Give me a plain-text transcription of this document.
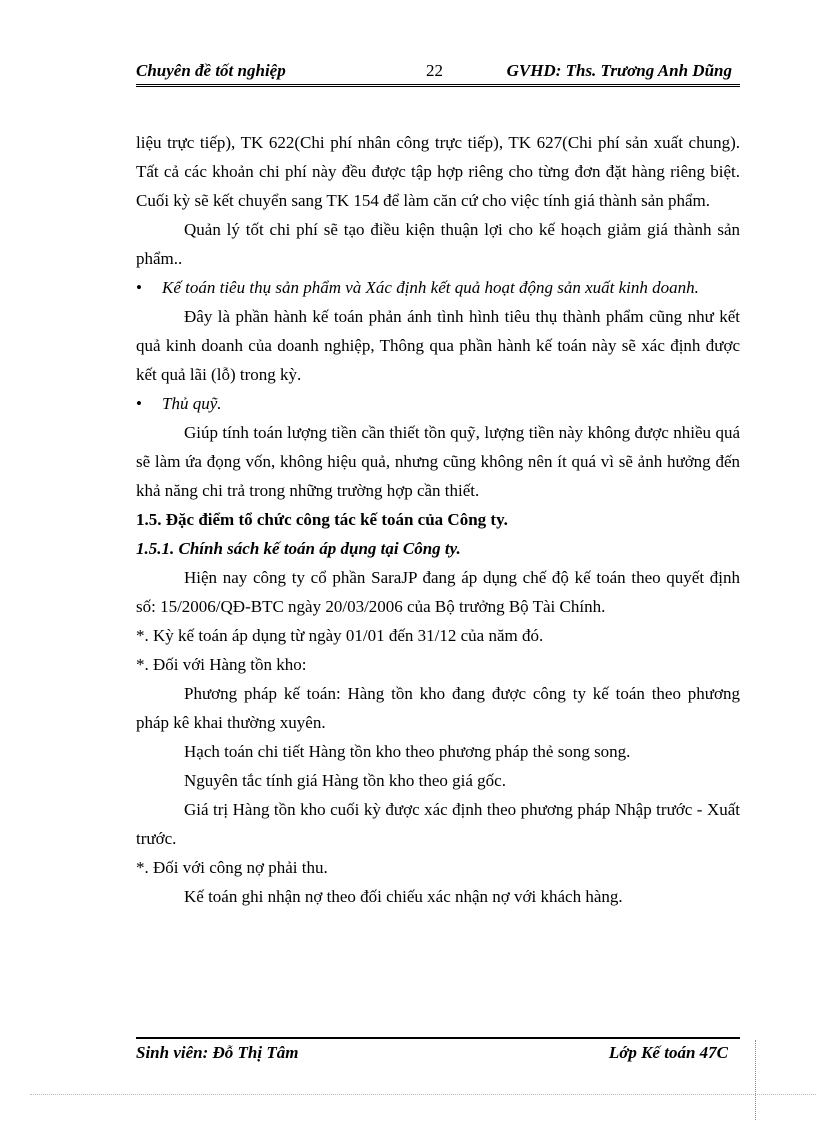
Chuyên đề tốt nghiệp	22	GVHD: Ths. Trương Anh Dũng

liệu trực tiếp), TK 622(Chi phí nhân công trực tiếp), TK 627(Chi phí sản xuất chung). Tất cả các khoản chi phí này đều được tập hợp riêng cho từng đơn đặt hàng riêng biệt. Cuối kỳ sẽ kết chuyển sang TK 154 để làm căn cứ cho việc tính giá thành sản phẩm.

Quản lý tốt chi phí sẽ tạo điều kiện thuận lợi cho kế hoạch giảm giá thành sản phẩm..

• Kế toán tiêu thụ sản phẩm và Xác định kết quả hoạt động sản xuất kinh doanh.

Đây là phần hành kế toán phản ánh tình hình tiêu thụ thành phẩm cũng như kết quả kinh doanh của doanh nghiệp, Thông qua phần hành kế toán này sẽ xác định được kết quả lãi (lỗ) trong kỳ.

• Thủ quỹ.

Giúp tính toán lượng tiền cần thiết tồn quỹ, lượng tiền này không được nhiều quá sẽ làm ứa đọng vốn, không hiệu quả, nhưng cũng không nên ít quá vì sẽ ảnh hưởng đến khả năng chi trả trong những trường hợp cần thiết.

1.5. Đặc điểm tổ chức công tác kế toán của Công ty.

1.5.1. Chính sách kế toán áp dụng tại Công ty.

Hiện nay công ty cổ phần SaraJP đang áp dụng chế độ kế toán theo quyết định số: 15/2006/QĐ-BTC ngày 20/03/2006 của Bộ trưởng Bộ Tài Chính.

*. Kỳ kế toán áp dụng từ ngày 01/01 đến 31/12 của năm đó.

*. Đối với Hàng tồn kho:

Phương pháp kế toán: Hàng tồn kho đang được công ty kế toán theo phương pháp kê khai thường xuyên.

Hạch toán chi tiết Hàng tồn kho theo phương pháp thẻ song song.

Nguyên tắc tính giá Hàng tồn kho theo giá gốc.

Giá trị Hàng tồn kho cuối kỳ được xác định theo phương pháp Nhập trước - Xuất trước.

*. Đối với công nợ phải thu.

Kế toán ghi nhận nợ theo đối chiếu xác nhận nợ với khách hàng.

Sinh viên: Đỗ Thị Tâm	Lớp Kế toán 47C
